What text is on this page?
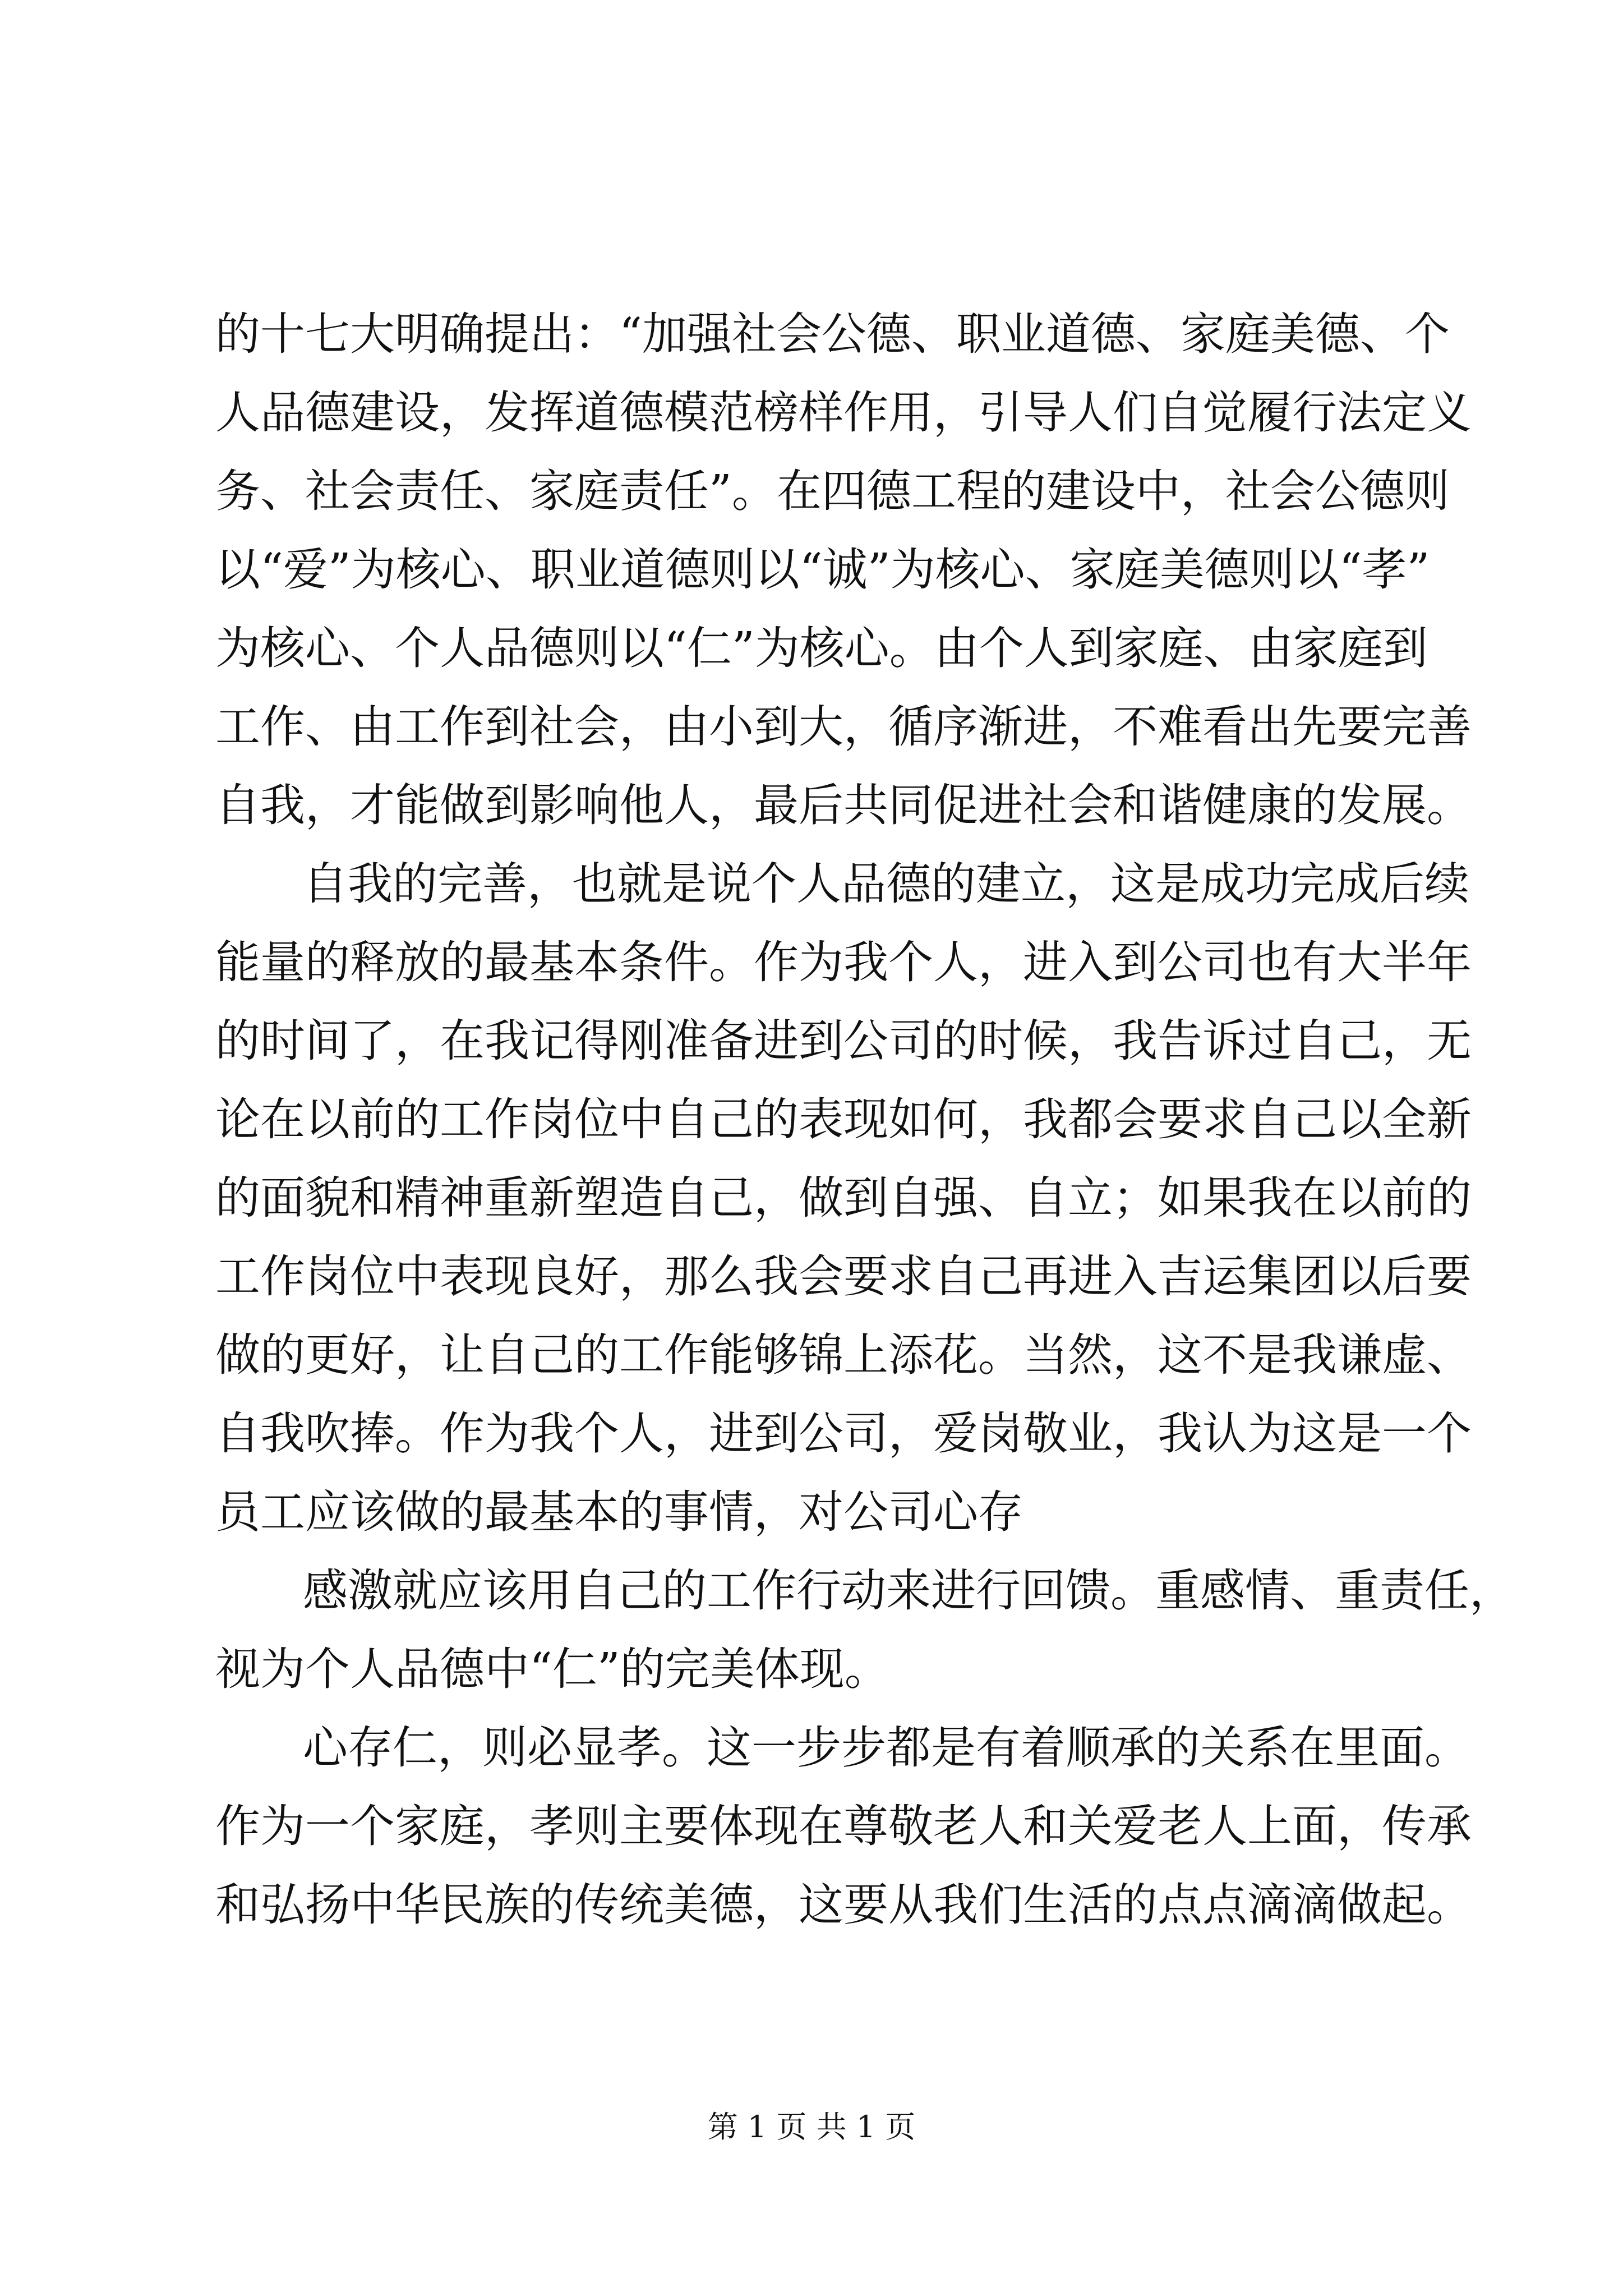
的十七大明确提出：“加强社会公德、职业道德、家庭美德、个
人品德建设，发挥道德模范榜样作用，引导人们自觉履行法定义
务、社会责任、家庭责任”。在四德工程的建设中，社会公德则
以“爱”为核心、职业道德则以“诚”为核心、家庭美德则以“孝”
为核心、个人品德则以“仁”为核心。由个人到家庭、由家庭到
工作、由工作到社会，由小到大，循序渐进，不难看出先要完善
自我，才能做到影响他人，最后共同促进社会和谐健康的发展。
自我的完善，也就是说个人品德的建立，这是成功完成后续
能量的释放的最基本条件。作为我个人，进入到公司也有大半年
的时间了，在我记得刚准备进到公司的时候，我告诉过自己，无
论在以前的工作岗位中自己的表现如何，我都会要求自己以全新
的面貌和精神重新塑造自己，做到自强、自立；如果我在以前的
工作岗位中表现良好，那么我会要求自己再进入吉运集团以后要
做的更好，让自己的工作能够锦上添花。当然，这不是我谦虚、
自我吹捧。作为我个人，进到公司，爱岗敬业，我认为这是一个
员工应该做的最基本的事情，对公司心存
感激就应该用自己的工作行动来进行回馈。重感情、重责任，
视为个人品德中“仁”的完美体现。
心存仁，则必显孝。这一步步都是有着顺承的关系在里面。
作为一个家庭，孝则主要体现在尊敬老人和关爱老人上面，传承
和弘扬中华民族的传统美德，这要从我们生活的点点滴滴做起。
第 1 页 共 1 页
